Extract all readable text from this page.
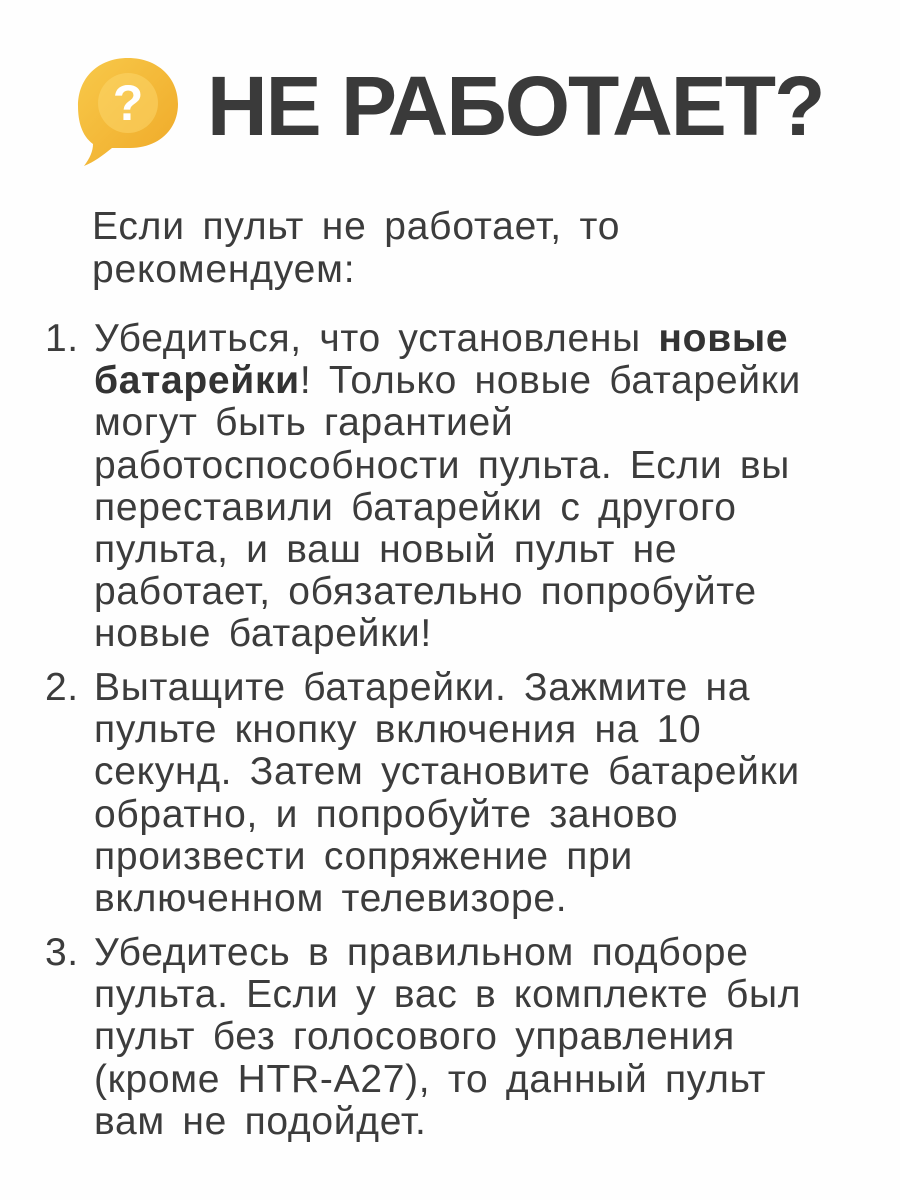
? НЕ РАБОТАЕТ?
Если пульт не работает, то
рекомендуем:
1. Убедиться, что установлены новые
батарейки! Только новые батарейки
могут быть гарантией
работоспособности пульта. Если вы
переставили батарейки с другого
пульта, и ваш новый пульт не
работает, обязательно попробуйте
новые батарейки!
2. Вытащите батарейки. Зажмите на
пульте кнопку включения на 10
секунд. Затем установите батарейки
обратно, и попробуйте заново
произвести сопряжение при
включенном телевизоре.
3. Убедитесь в правильном подборе
пульта. Если у вас в комплекте был
пульт без голосового управления
(кроме HTR-A27), то данный пульт
вам не подойдет.
